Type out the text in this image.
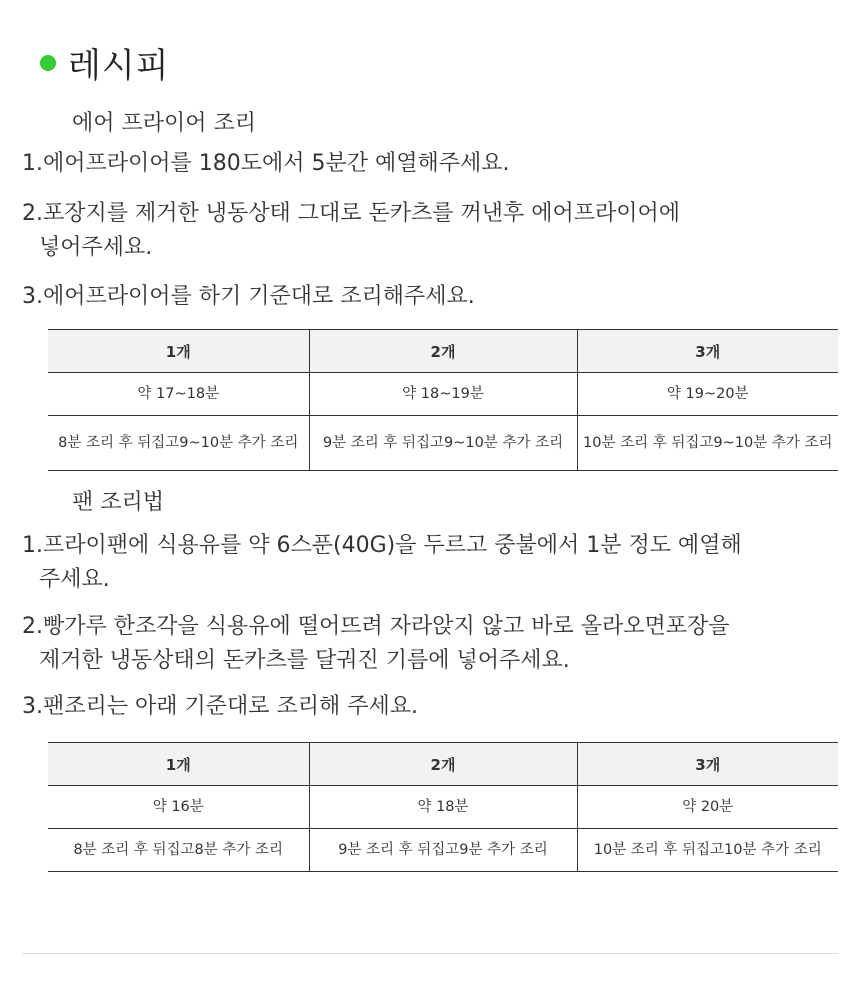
레시피
에어 프라이어 조리
1.에어프라이어를 180도에서 5분간 예열해주세요.
2.포장지를 제거한 냉동상태 그대로 돈카츠를 꺼낸후 에어프라이어에
넣어주세요.
3.에어프라이어를 하기 기준대로 조리해주세요.
1개	2개	3개
약 17~18분	약 18~19분	약 19~20분
8분 조리 후 뒤집고9~10분 추가 조리	9분 조리 후 뒤집고9~10분 추가 조리	10분 조리 후 뒤집고9~10분 추가 조리
팬 조리법
1.프라이팬에 식용유를 약 6스푼(40G)을 두르고 중불에서 1분 정도 예열해
주세요.
2.빵가루 한조각을 식용유에 떨어뜨려 자라앉지 않고 바로 올라오면포장을
제거한 냉동상태의 돈카츠를 달궈진 기름에 넣어주세요.
3.팬조리는 아래 기준대로 조리해 주세요.
1개	2개	3개
약 16분	약 18분	약 20분
8분 조리 후 뒤집고8분 추가 조리	9분 조리 후 뒤집고9분 추가 조리	10분 조리 후 뒤집고10분 추가 조리
